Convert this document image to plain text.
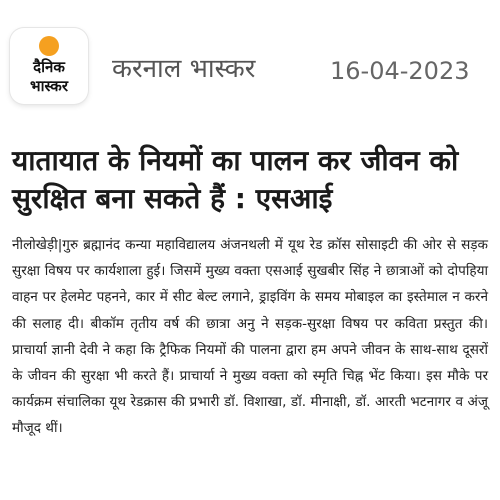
दैनिक
भास्कर
करनाल भास्कर	16-04-2023
यातायात के नियमों का पालन कर जीवन को सुरक्षित बना सकते हैं : एसआई
नीलोखेड़ी|गुरु ब्रह्मानंद कन्या महाविद्यालय अंजनथली में यूथ रेड क्रॉस सोसाइटी की ओर से सड़क सुरक्षा विषय पर कार्यशाला हुई। जिसमें मुख्य वक्ता एसआई सुखबीर सिंह ने छात्राओं को दोपहिया वाहन पर हेलमेट पहनने, कार में सीट बेल्ट लगाने, ड्राइविंग के समय मोबाइल का इस्तेमाल न करने की सलाह दी। बीकॉम तृतीय वर्ष की छात्रा अनु ने सड़क-सुरक्षा विषय पर कविता प्रस्तुत की। प्राचार्या ज्ञानी देवी ने कहा कि ट्रैफिक नियमों की पालना द्वारा हम अपने जीवन के साथ-साथ दूसरों के जीवन की सुरक्षा भी करते हैं। प्राचार्या ने मुख्य वक्ता को स्मृति चिह्न भेंट किया। इस मौके पर कार्यक्रम संचालिका यूथ रेडक्रास की प्रभारी डॉ. विशाखा, डॉ. मीनाक्षी, डॉ. आरती भटनागर व अंजू मौजूद थीं।
